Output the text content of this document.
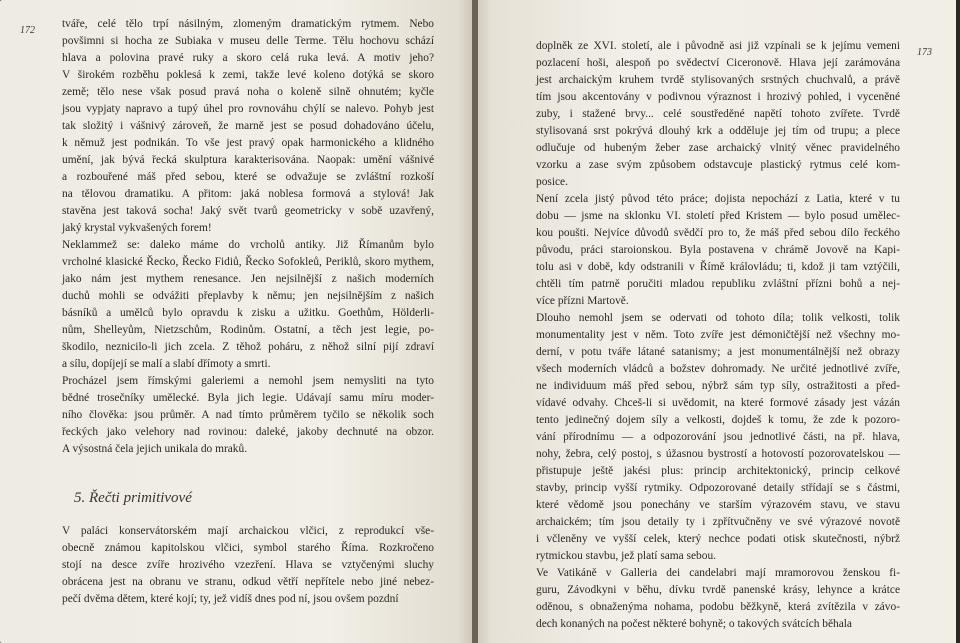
172
tváře, celé tělo trpí násilným, zlomeným dramatickým rytmem. Nebo
povšimni si hocha ze Subiaka v museu delle Terme. Tělu hochovu schází
hlava a polovina pravé ruky a skoro celá ruka levá. A motiv jeho?
V širokém rozběhu poklesá k zemi, takže levé koleno dotýká se skoro
země; tělo nese však posud pravá noha o koleně silně ohnutém; kyčle
jsou vypjaty napravo a tupý úhel pro rovnováhu chýlí se nalevo. Pohyb jest
tak složitý i vášnivý zároveň, že marně jest se posud dohadováno účelu,
k němuž jest podnikán. To vše jest pravý opak harmonického a klidného
umění, jak bývá řecká skulptura karakterisována. Naopak: umění vášnivé
a rozbouřené máš před sebou, které se odvažuje se zvláštní rozkoší
na tělovou dramatiku. A přitom: jaká noblesa formová a stylová! Jak
stavěna jest taková socha! Jaký svět tvarů geometricky v sobě uzavřený,
jaký krystal vykvašených forem!
Neklammež se: daleko máme do vrcholů antiky. Již Římanům bylo
vrcholné klasické Řecko, Řecko Fidiů, Řecko Sofokleů, Periklů, skoro mythem,
jako nám jest mythem renesance. Jen nejsilnější z našich moderních
duchů mohli se odvážiti přeplavby k němu; jen nejsilnějším z našich
básníků a umělců bylo opravdu k zisku a užitku. Goethům, Hölderli-
nům, Shelleyům, Nietzschům, Rodinům. Ostatní, a těch jest legie, po-
škodilo, neznicilo-li jich zcela. Z těhož poháru, z něhož silní pijí zdraví
a sílu, dopíjejí se malí a slabí dřímoty a smrti.
Procházel jsem římskými galeriemi a nemohl jsem nemysliti na tyto
bědné trosečníky umělecké. Byla jich legie. Udávají samu míru moder-
ního člověka: jsou průměr. A nad tímto průměrem tyčilo se několik soch
řeckých jako velehory nad rovinou: daleké, jakoby dechnuté na obzor.
A výsostná čela jejich unikala do mraků.
5. Řečti primitivové
V paláci konservátorském mají archaickou vlčici, z reprodukcí vše-
obecně známou kapitolskou vlčici, symbol starého Říma. Rozkročeno
stojí na desce zvíře hrozivého vzezření. Hlava se vztyčenými sluchy
obrácena jest na obranu ve stranu, odkud větří nepřítele nebo jiné nebez-
pečí dvěma dětem, které kojí; ty, jež vidíš dnes pod ní, jsou ovšem pozdní
173
doplněk ze XVI. století, ale i původně asi již vzpínali se k jejímu vemeni
pozlacení hoši, alespoň po svědectví Ciceronově. Hlava její zarámována
jest archaickým kruhem tvrdě stylisovaných srstných chuchvalů, a právě
tím jsou akcentovány v podivnou výraznost i hrozivý pohled, i vyceněné
zuby, i stažené brvy... celé soustředěné napětí tohoto zvířete. Tvrdě
stylisovaná srst pokrývá dlouhý krk a odděluje jej tím od trupu; a plece
odlučuje od hubeným žeber zase archaický vlnitý věnec pravidelného
vzorku a zase svým způsobem odstavcuje plastický rytmus celé kom-
posice.
Není zcela jistý původ této práce; dojista nepochází z Latia, které v tu
dobu — jsme na sklonku VI. století před Kristem — bylo posud umělec-
kou poušti. Nejvíce důvodů svědčí pro to, že máš před sebou dílo řeckého
původu, práci staroionskou. Byla postavena v chrámě Jovově na Kapi-
tolu asi v době, kdy odstranili v Římě královládu; ti, kdož ji tam vztýčili,
chtěli tím patrně poručiti mladou republiku zvláštní přízni bohů a nej-
více přízni Martově.
Dlouho nemohl jsem se odervati od tohoto díla; tolik velkosti, tolik
monumentality jest v něm. Toto zvíře jest démoničtější než všechny mo-
derní, v potu tváře látané satanismy; a jest monumentálnější než obrazy
všech moderních vládců a božstev dohromady. Ne určité jednotlivé zvíře,
ne individuum máš před sebou, nýbrž sám typ síly, ostražitosti a před-
vídavé odvahy. Chceš-li si uvědomit, na které formové zásady jest vázán
tento jedinečný dojem síly a velkosti, dojdeš k tomu, že zde k pozoro-
vání přírodnímu — a odpozorování jsou jednotlivé části, na př. hlava,
nohy, žebra, celý postoj, s úžasnou bystrostí a hotovostí pozorovatelskou —
přistupuje ještě jakési plus: princip architektonický, princip celkové
stavby, princip vyšší rytmiky. Odpozorované detaily střídají se s částmi,
které vědomě jsou ponechány ve starším výrazovém stavu, ve stavu
archaickém; tím jsou detaily ty i zpřítvučněny ve své výrazové novotě
i včleněny ve vyšší celek, který nechce podati otisk skutečnosti, nýbrž
rytmickou stavbu, jež platí sama sebou.
Ve Vatikáně v Galleria dei candelabri mají mramorovou ženskou fi-
guru, Závodkyni v běhu, dívku tvrdě panenské krásy, lehynce a krátce
oděnou, s obnaženýma nohama, podobu běžkyně, která zvítězila v závo-
dech konaných na počest některé bohyně; o takových svátcích běhala
